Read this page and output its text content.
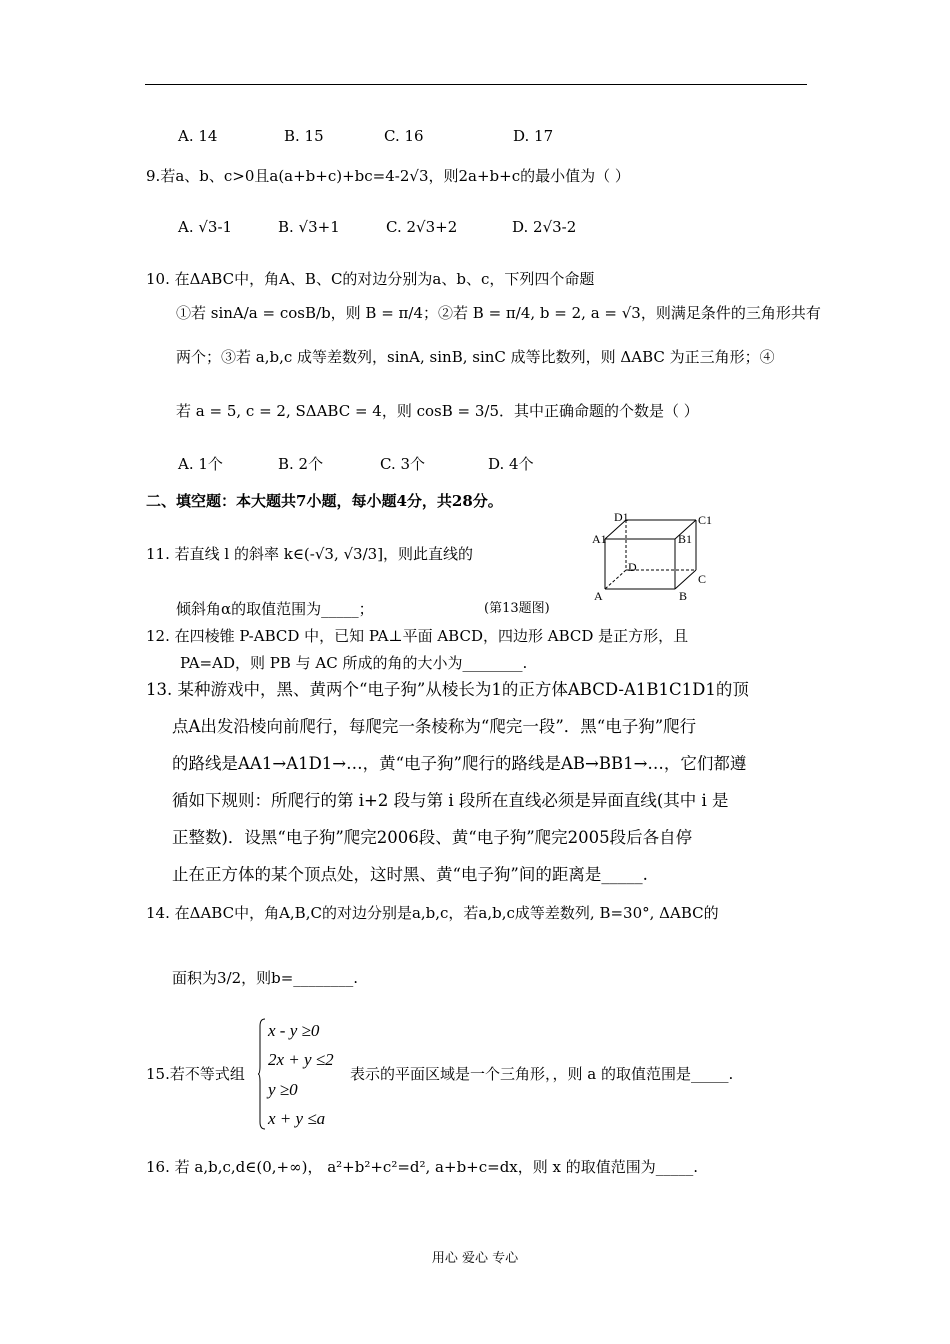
A. 14	B. 15	C. 16	D. 17
9.若a、b、c>0且a(a+b+c)+bc=4-2√3，则2a+b+c的最小值为（ ）
A. √3-1	B. √3+1	C. 2√3+2	D. 2√3-2
10. 在ΔABC中，角A、B、C的对边分别为a、b、c，下列四个命题
①若 sinA/a = cosB/b，则 B = π/4；②若 B = π/4, b = 2, a = √3，则满足条件的三角形共有
两个；③若 a,b,c 成等差数列，sinA, sinB, sinC 成等比数列，则 ΔABC 为正三角形；④
若 a = 5, c = 2, SΔABC = 4，则 cosB = 3/5．其中正确命题的个数是（ ）
A. 1个	B. 2个	C. 3个	D. 4个
二、填空题：本大题共7小题，每小题4分，共28分。
11. 若直线 l 的斜率 k∈(-√3, √3/3]，则此直线的
倾斜角α的取值范围为_____；	(第13题图)
D1	C1
A1	B1
D
C
A	B
12. 在四棱锥 P-ABCD 中，已知 PA⊥平面 ABCD，四边形 ABCD 是正方形，且
PA=AD，则 PB 与 AC 所成的角的大小为________.
13. 某种游戏中，黑、黄两个“电子狗”从棱长为1的正方体ABCD-A1B1C1D1的顶
点A出发沿棱向前爬行，每爬完一条棱称为“爬完一段”．黑“电子狗”爬行
的路线是AA1→A1D1→…，黄“电子狗”爬行的路线是AB→BB1→…，它们都遵
循如下规则：所爬行的第 i+2 段与第 i 段所在直线必须是异面直线(其中 i 是
正整数)．设黑“电子狗”爬完2006段、黄“电子狗”爬完2005段后各自停
止在正方体的某个顶点处，这时黑、黄“电子狗”间的距离是_____.
14. 在ΔABC中，角A,B,C的对边分别是a,b,c，若a,b,c成等差数列, B=30°, ΔABC的
面积为3/2，则b=________.
15.若不等式组
x - y ≥0
2x + y ≤2
y ≥0
x + y ≤a
表示的平面区域是一个三角形，，则 a 的取值范围是_____.
16. 若 a,b,c,d∈(0,+∞)， a²+b²+c²=d², a+b+c=dx，则 x 的取值范围为_____.
用心 爱心 专心
